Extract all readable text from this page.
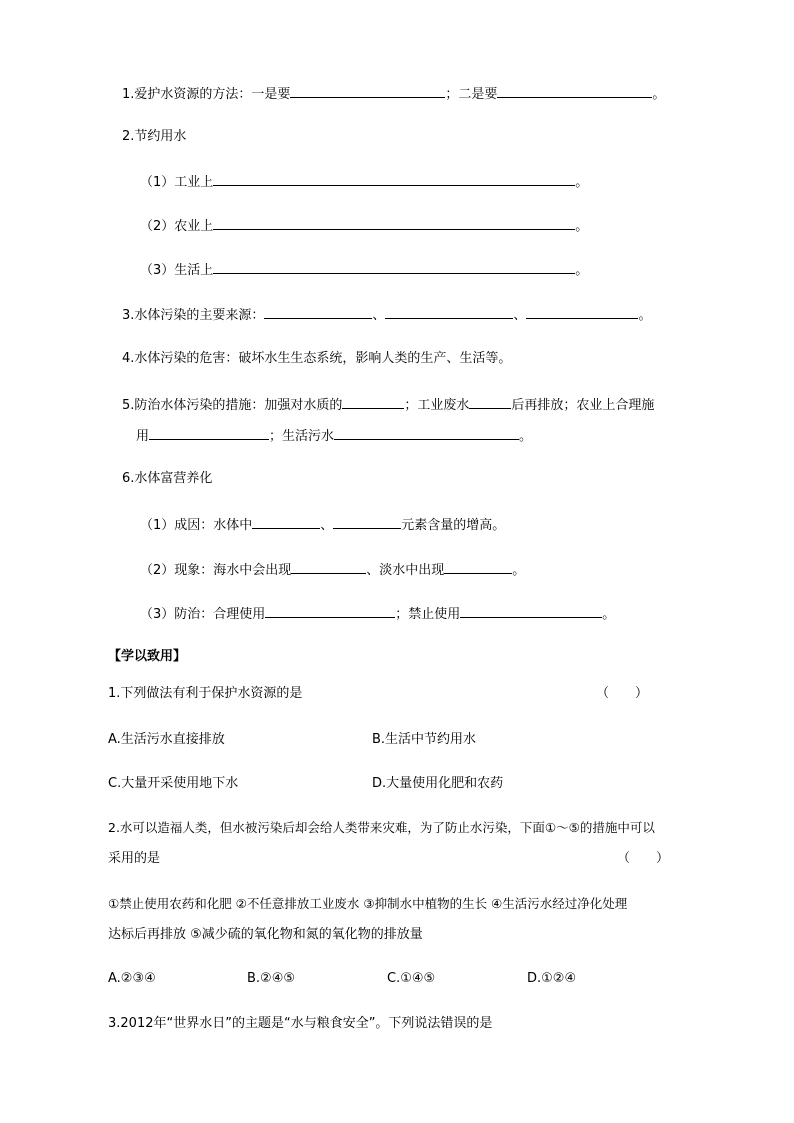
1.爱护水资源的方法：一是要	；二是要	。
2.节约用水
（1）工业上	。
（2）农业上	。
（3）生活上	。
3.水体污染的主要来源：	、	、	。
4.水体污染的危害：破坏水生生态系统，影响人类的生产、生活等。
5.防治水体污染的措施：加强对水质的	；工业废水	后再排放；农业上合理施
用	；生活污水	。
6.水体富营养化
（1）成因：水体中	、	元素含量的增高。
（2）现象：海水中会出现	、淡水中出现	。
（3）防治：合理使用	；禁止使用	。
【学以致用】
1.下列做法有利于保护水资源的是	（　　）
A.生活污水直接排放	B.生活中节约用水
C.大量开采使用地下水	D.大量使用化肥和农药
2.水可以造福人类，但水被污染后却会给人类带来灾难，为了防止水污染，下面①～⑤的措施中可以
采用的是	（　　）
①禁止使用农药和化肥 ②不任意排放工业废水 ③抑制水中植物的生长 ④生活污水经过净化处理
达标后再排放 ⑤减少硫的氧化物和氮的氧化物的排放量
A.②③④	B.②④⑤	C.①④⑤	D.①②④
3.2012年“世界水日”的主题是“水与粮食安全”。下列说法错误的是
